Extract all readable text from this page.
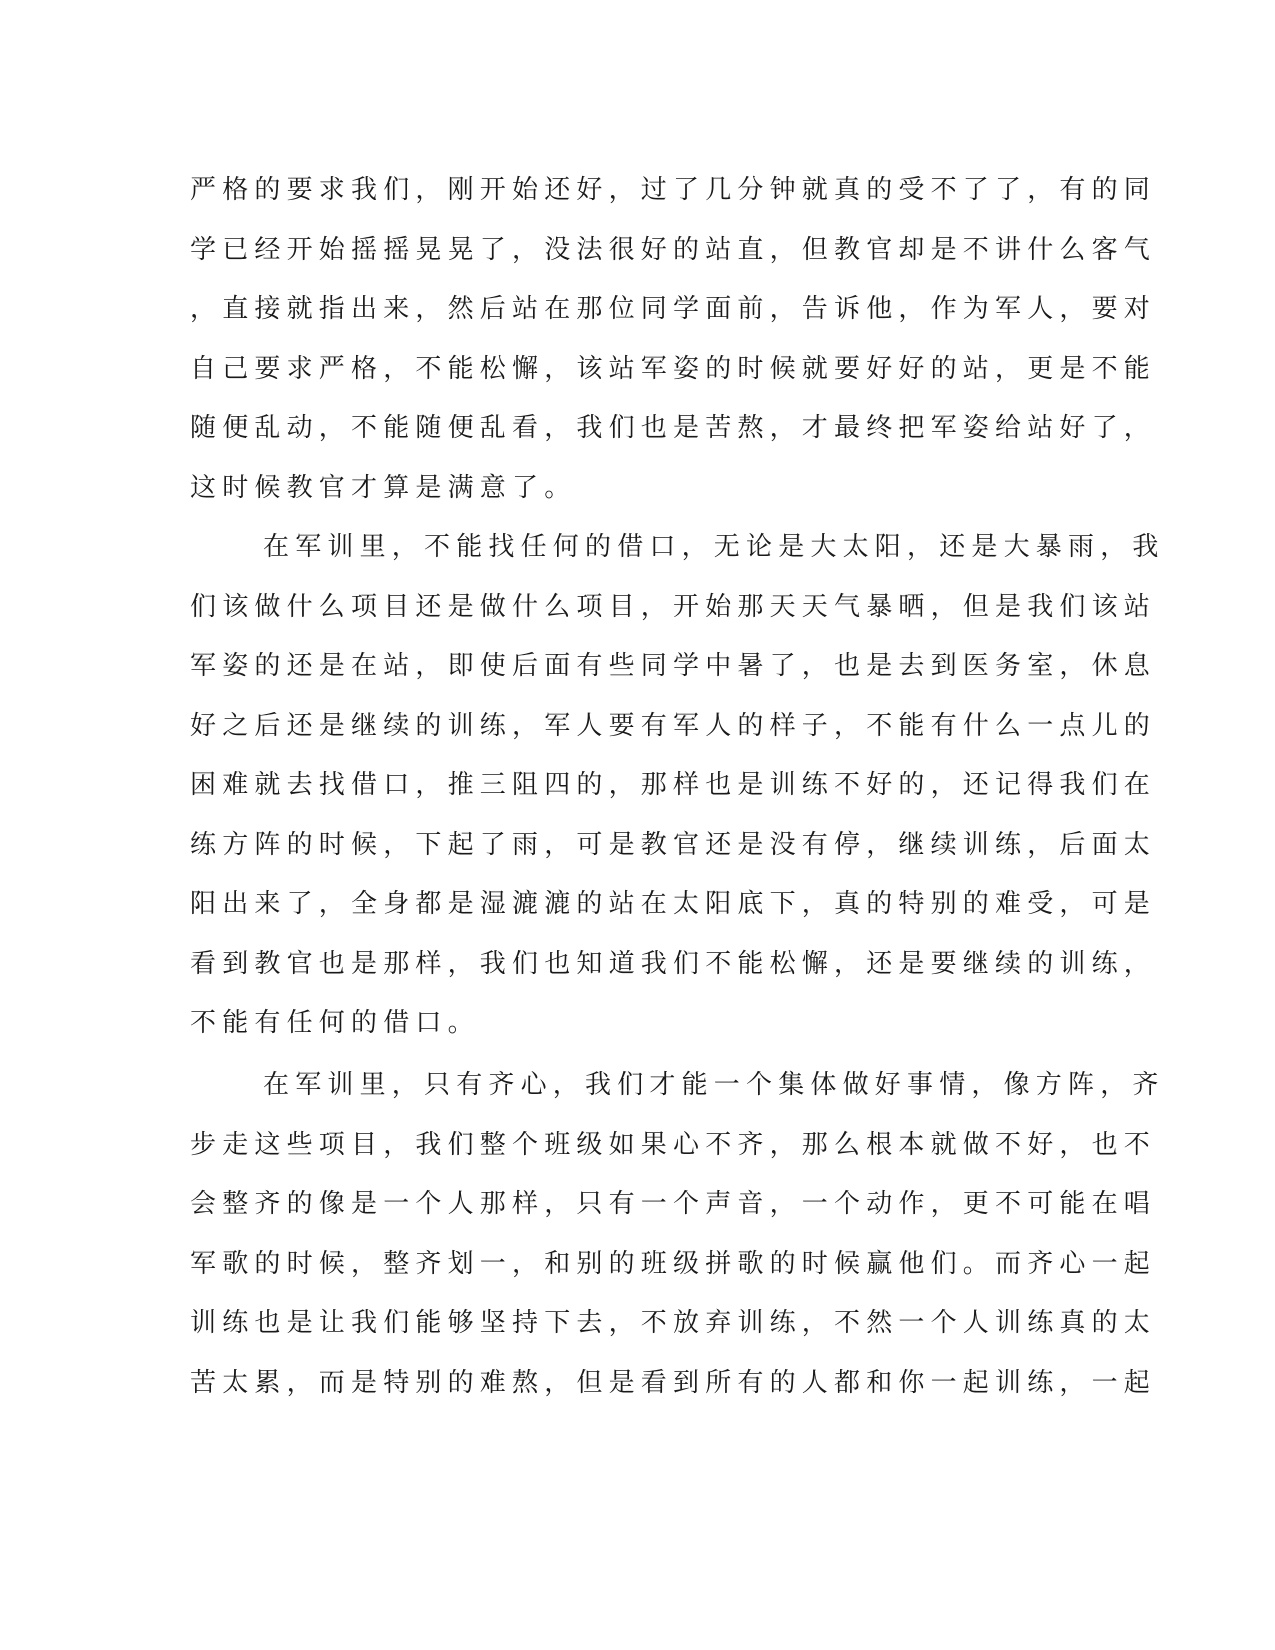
严格的要求我们，刚开始还好，过了几分钟就真的受不了了，有的同
学已经开始摇摇晃晃了，没法很好的站直，但教官却是不讲什么客气
，直接就指出来，然后站在那位同学面前，告诉他，作为军人，要对
自己要求严格，不能松懈，该站军姿的时候就要好好的站，更是不能
随便乱动，不能随便乱看，我们也是苦熬，才最终把军姿给站好了，
这时候教官才算是满意了。
在军训里，不能找任何的借口，无论是大太阳，还是大暴雨，我
们该做什么项目还是做什么项目，开始那天天气暴晒，但是我们该站
军姿的还是在站，即使后面有些同学中暑了，也是去到医务室，休息
好之后还是继续的训练，军人要有军人的样子，不能有什么一点儿的
困难就去找借口，推三阻四的，那样也是训练不好的，还记得我们在
练方阵的时候，下起了雨，可是教官还是没有停，继续训练，后面太
阳出来了，全身都是湿漉漉的站在太阳底下，真的特别的难受，可是
看到教官也是那样，我们也知道我们不能松懈，还是要继续的训练，
不能有任何的借口。
在军训里，只有齐心，我们才能一个集体做好事情，像方阵，齐
步走这些项目，我们整个班级如果心不齐，那么根本就做不好，也不
会整齐的像是一个人那样，只有一个声音，一个动作，更不可能在唱
军歌的时候，整齐划一，和别的班级拼歌的时候赢他们。而齐心一起
训练也是让我们能够坚持下去，不放弃训练，不然一个人训练真的太
苦太累，而是特别的难熬，但是看到所有的人都和你一起训练，一起
